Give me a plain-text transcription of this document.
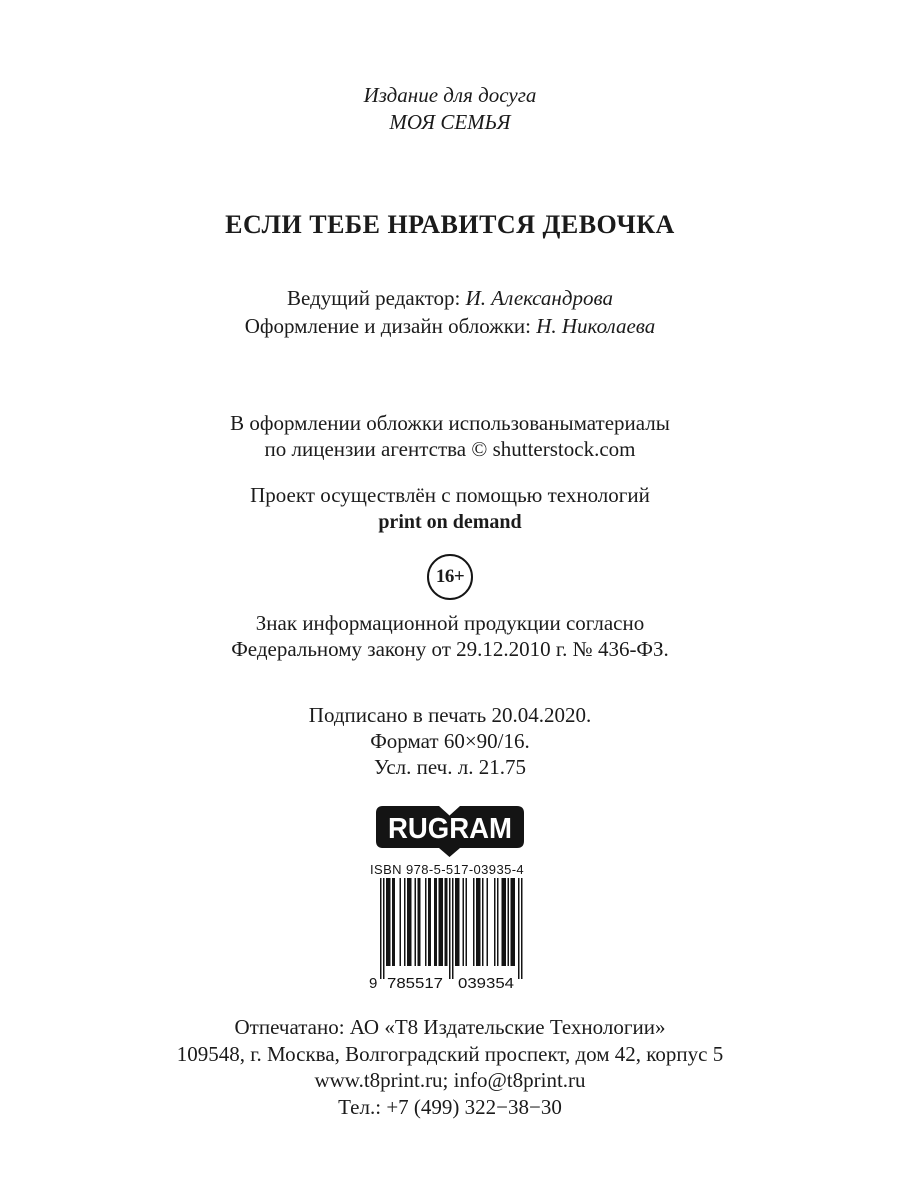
Издание для досуга
МОЯ СЕМЬЯ
ЕСЛИ ТЕБЕ НРАВИТСЯ ДЕВОЧКА
Ведущий редактор: И. Александрова
Оформление и дизайн обложки: Н. Николаева
В оформлении обложки использованыматериалы
по лицензии агентства © shutterstock.com
Проект осуществлён с помощью технологий
print on demand
16+
Знак информационной продукции согласно
Федеральному закону от 29.12.2010 г. № 436-ФЗ.
Подписано в печать 20.04.2020.
Формат 60×90/16.
Усл. печ. л. 21.75
RUGRAM
ISBN 978-5-517-03935-4
9 785517 039354
Отпечатано: АО «Т8 Издательские Технологии»
109548, г. Москва, Волгоградский проспект, дом 42, корпус 5
www.t8print.ru; info@t8print.ru
Тел.: +7 (499) 322−38−30
